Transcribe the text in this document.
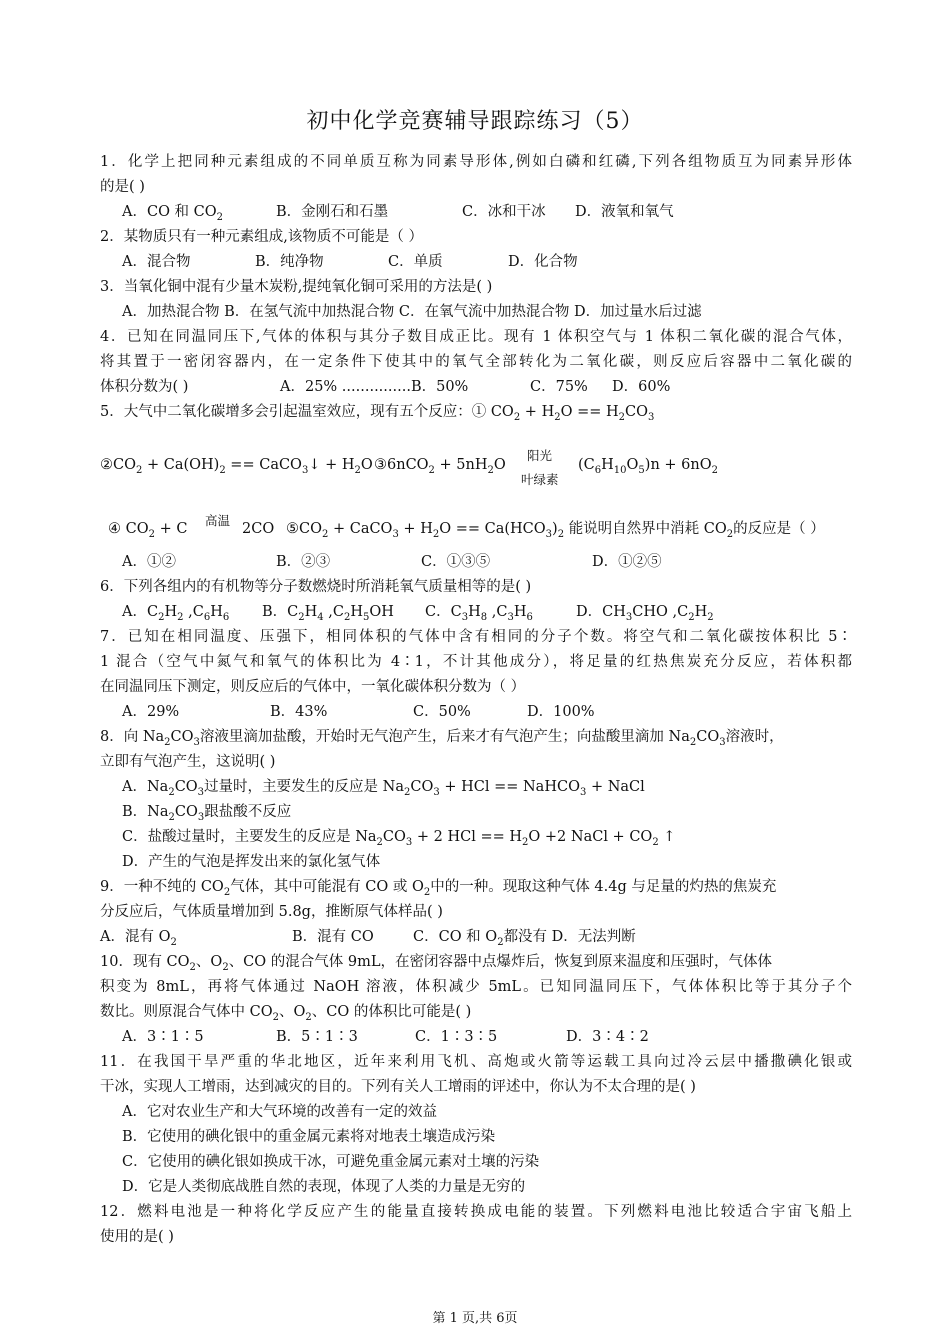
初中化学竞赛辅导跟踪练习（5）
1．化学上把同种元素组成的不同单质互称为同素导形体,例如白磷和红磷,下列各组物质互为同素异形体
的是( )
A．CO 和 $CO_2$	B．金刚石和石墨	C．冰和干冰 D．液氧和氧气
2．某物质只有一种元素组成,该物质不可能是（ ）
A．混合物	B．纯净物	C．单质	D．化合物
3．当氧化铜中混有少量木炭粉,提纯氧化铜可采用的方法是( )
A．加热混合物 B．在氢气流中加热混合物 C．在氧气流中加热混合物 D．加过量水后过滤
4．已知在同温同压下,气体的体积与其分子数目成正比。现有 1 体积空气与 1 体积二氧化碳的混合气体，
将其置于一密闭容器内，在一定条件下使其中的氧气全部转化为二氧化碳，则反应后容器中二氧化碳的
体积分数为( )	A．25% ...............B．50%	C．75% D．60%
5．大气中二氧化碳增多会引起温室效应，现有五个反应：① $CO_2 + H_2O == H_2CO_3$
$②CO_2 + Ca(OH)_2$ == CaCO$_3$↓ + $H_2O$ ③6nCO$_2$ + $5nH_2O$
阳光
叶绿素
$(C_6H_{10}O_5)n + 6nO_2$
④ $CO_2 + C$
高温
2CO $⑤CO_2$ + CaCO$_3$ + $H_2O == Ca(HCO_3)_2$ 能说明自然界中消耗 $CO_2$的反应是（ ）
A．①②	B．②③	C．①③⑤	D．①②⑤
6．下列各组内的有机物等分子数燃烧时所消耗氧气质量相等的是( )
A．$C_2H_2$ $,C_6H_6$ B．$C_2H_4$ $,C_2H_5OH$ C．$C_3H_8$ $,C_3H_6$	D．$CH_3CHO$ $,C_2H_2$
7．已知在相同温度、压强下，相同体积的气体中含有相同的分子个数。将空气和二氧化碳按体积比 5∶
1 混合（空气中氮气和氧气的体积比为 4∶1，不计其他成分），将足量的红热焦炭充分反应，若体积都
在同温同压下测定，则反应后的气体中，一氧化碳体积分数为（ ）
A．29%	B．43%	C．50%	D．100%
8．向 $Na_2CO_3$溶液里滴加盐酸，开始时无气泡产生，后来才有气泡产生；向盐酸里滴加 $Na_2CO_3$溶液时，
立即有气泡产生，这说明( )
A．$Na_2CO_3$过量时，主要发生的反应是 $Na_2CO_3$ + HCl == NaHCO$_3$ + NaCl
B．$Na_2CO_3$跟盐酸不反应
C．盐酸过量时，主要发生的反应是 $Na_2CO_3 + 2$ HCl == $H_2O +2$ NaCl + $CO_2$ ↑
D．产生的气泡是挥发出来的氯化氢气体
9．一种不纯的 $CO_2$气体，其中可能混有 CO 或 $O_2$中的一种。现取这种气体 4.4g 与足量的灼热的焦炭充
分反应后，气体质量增加到 5.8g，推断原气体样品( )
A．混有 $O_2$	B．混有 CO	C．CO 和 $O_2$都没有 D．无法判断
10．现有 $CO_2$、$O_2$、CO 的混合气体 9mL，在密闭容器中点爆炸后，恢复到原来温度和压强时，气体体
积变为 8mL，再将气体通过 NaOH 溶液，体积减少 5mL。已知同温同压下，气体体积比等于其分子个
数比。则原混合气体中 $CO_2$、$O_2$、CO 的体积比可能是( )
A．3∶1∶5	B．5∶1∶3	C．1∶3∶5	D．3∶4∶2
11．在我国干旱严重的华北地区，近年来利用飞机、高炮或火箭等运载工具向过冷云层中播撒碘化银或
干冰，实现人工增雨，达到减灾的目的。下列有关人工增雨的评述中，你认为不太合理的是( )
A．它对农业生产和大气环境的改善有一定的效益
B．它使用的碘化银中的重金属元素将对地表土壤造成污染
C．它使用的碘化银如换成干冰，可避免重金属元素对土壤的污染
D．它是人类彻底战胜自然的表现，体现了人类的力量是无穷的
12．燃料电池是一种将化学反应产生的能量直接转换成电能的装置。下列燃料电池比较适合宇宙飞船上
使用的是( )
第 1 页,共 6页
